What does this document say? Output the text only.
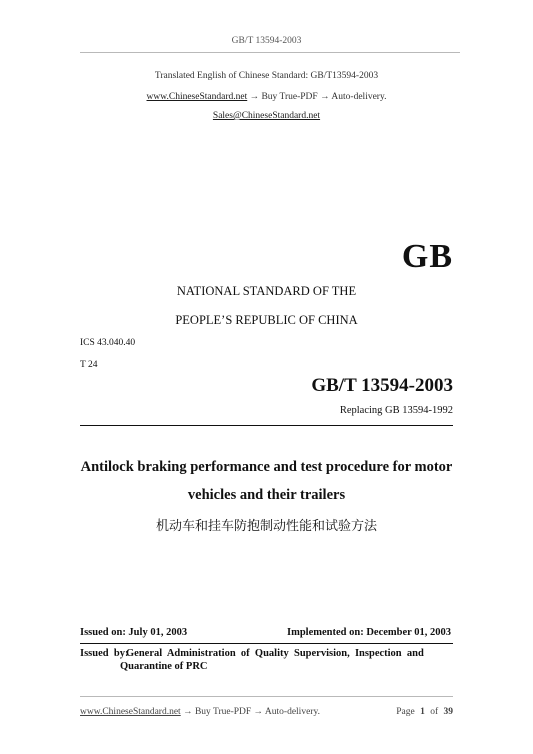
GB/T 13594-2003
Translated English of Chinese Standard: GB/T13594-2003
www.ChineseStandard.net → Buy True-PDF → Auto-delivery.
Sales@ChineseStandard.net
GB
NATIONAL STANDARD OF THE
PEOPLE’S REPUBLIC OF CHINA
ICS 43.040.40
T 24
GB/T 13594-2003
Replacing GB 13594-1992
Antilock braking performance and test procedure for motor
vehicles and their trailers
机动车和挂车防抱制动性能和试验方法
Issued on: July 01, 2003	Implemented on: December 01, 2003
Issued  by:
General  Administration  of  Quality  Supervision,  Inspection  and
Quarantine of PRC
www.ChineseStandard.net → Buy True-PDF → Auto-delivery.	Page 1 of 39
